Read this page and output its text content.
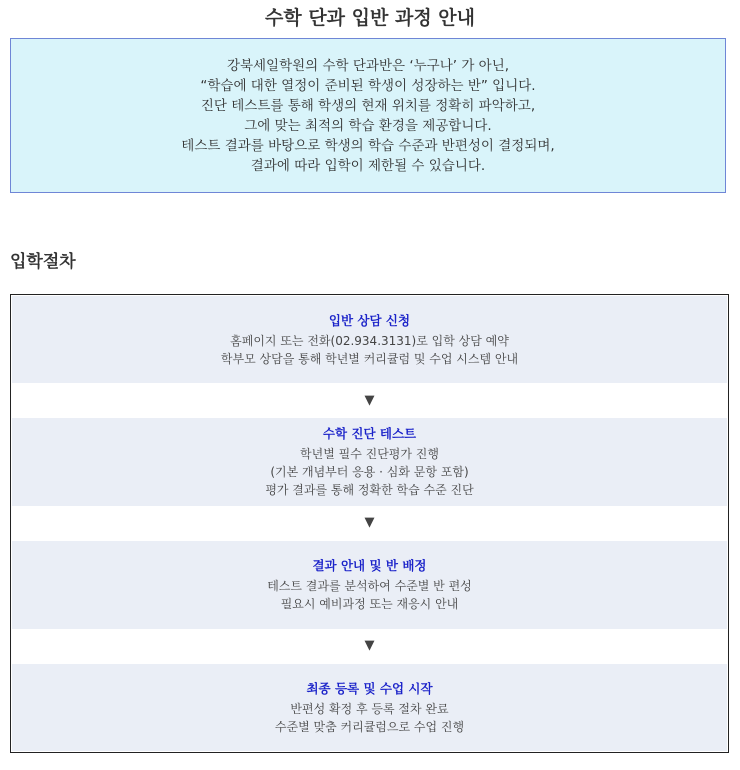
수학 단과 입반 과정 안내
강북세일학원의 수학 단과반은 ‘누구나’ 가 아닌,
“학습에 대한 열정이 준비된 학생이 성장하는 반” 입니다.
진단 테스트를 통해 학생의 현재 위치를 정확히 파악하고,
그에 맞는 최적의 학습 환경을 제공합니다.
테스트 결과를 바탕으로 학생의 학습 수준과 반편성이 결정되며,
결과에 따라 입학이 제한될 수 있습니다.
입학절차
입반 상담 신청
홈페이지 또는 전화(02.934.3131)로 입학 상담 예약
학부모 상담을 통해 학년별 커리큘럼 및 수업 시스템 안내
▼
수학 진단 테스트
학년별 필수 진단평가 진행
(기본 개념부터 응용 · 심화 문항 포함)
평가 결과를 통해 정확한 학습 수준 진단
▼
결과 안내 및 반 배정
테스트 결과를 분석하여 수준별 반 편성
필요시 예비과정 또는 재응시 안내
▼
최종 등록 및 수업 시작
반편성 확정 후 등록 절차 완료
수준별 맞춤 커리큘럼으로 수업 진행
